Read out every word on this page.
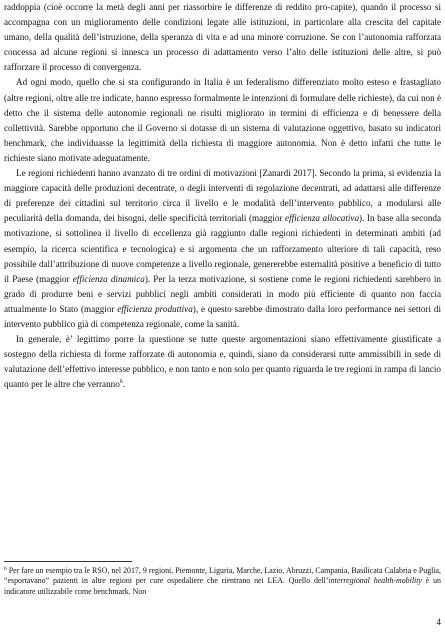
raddoppia (cioè occorre la metà degli anni per riassorbire le differenze di reddito pro-capite), quando il processo si accompagna con un miglioramento delle condizioni legate alle istituzioni, in particolare alla crescita del capitale umano, della qualità dell’istruzione, della speranza di vita e ad una minore corruzione. Se con l’autonomia rafforzata concessa ad alcune regioni si innesca un processo di adattamento verso l’alto delle istituzioni delle altre, si può rafforzare il processo di convergenza.

Ad ogni modo, quello che si sta configurando in Italia è un federalismo differenziato molto esteso e frastagliato (altre regioni, oltre alle tre indicate, hanno espresso formalmente le intenzioni di formulare delle richieste), da cui non è detto che il sistema delle autonomie regionali ne risulti migliorato in termini di efficienza e di benessere della collettività. Sarebbe opportuno che il Governo si dotasse di un sistema di valutazione oggettivo, basato su indicatori benchmark, che individuasse la legittimità della richiesta di maggiore autonomia. Non è detto infatti che tutte le richieste siano motivate adeguatamente.

Le regioni richiedenti hanno avanzato di tre ordini di motivazioni [Zanardi 2017]. Secondo la prima, si evidenzia la maggiore capacità delle produzioni decentrate, o degli interventi di regolazione decentrati, ad adattarsi alle differenze di preferenze dei cittadini sul territorio circa il livello e le modalità dell’intervento pubblico, a modularsi alle peculiarità della domanda, dei bisogni, delle specificità territoriali (maggior efficienza allocativa). In base alla seconda motivazione, si sottolinea il livello di eccellenza già raggiunto dalle regioni richiedenti in determinati ambiti (ad esempio, la ricerca scientifica e tecnologica) e si argomenta che un rafforzamento ulteriore di tali capacità, reso possibile dall’attribuzione di nuove competenze a livello regionale, genererebbe esternalità positive a beneficio di tutto il Paese (maggior efficienza dinamica). Per la terza motivazione, si sostiene come le regioni richiedenti sarebbero in grado di produrre beni e servizi pubblici negli ambiti considerati in modo più efficiente di quanto non faccia attualmente lo Stato (maggior efficienza produttiva), e questo sarebbe dimostrato dalla loro performance nei settori di intervento pubblico già di competenza regionale, come la sanità.

In generale, è’ legittimo porre la questione se tutte queste argomentazioni siano effettivamente giustificate a sostegno della richiesta di forme rafforzate di autonomia e, quindi, siano da considerarsi tutte ammissibili in sede di valutazione dell’effettivo interesse pubblico, e non tanto e non solo per quanto riguarda le tre regioni in rampa di lancio quanto per le altre che verranno$^6$.

$^6$ Per fare un esempio tra le RSO, nel 2017, 9 regioni, Piemonte, Liguria, Marche, Lazio, Abruzzi, Campania, Basilicata Calabria e Puglia, “esportavano” pazienti in altre regioni per cure ospedaliere che rientrano nei LEA. Quello dell’interregional health-mobility è un indicatore utilizzabile come benchmark. Non

4
